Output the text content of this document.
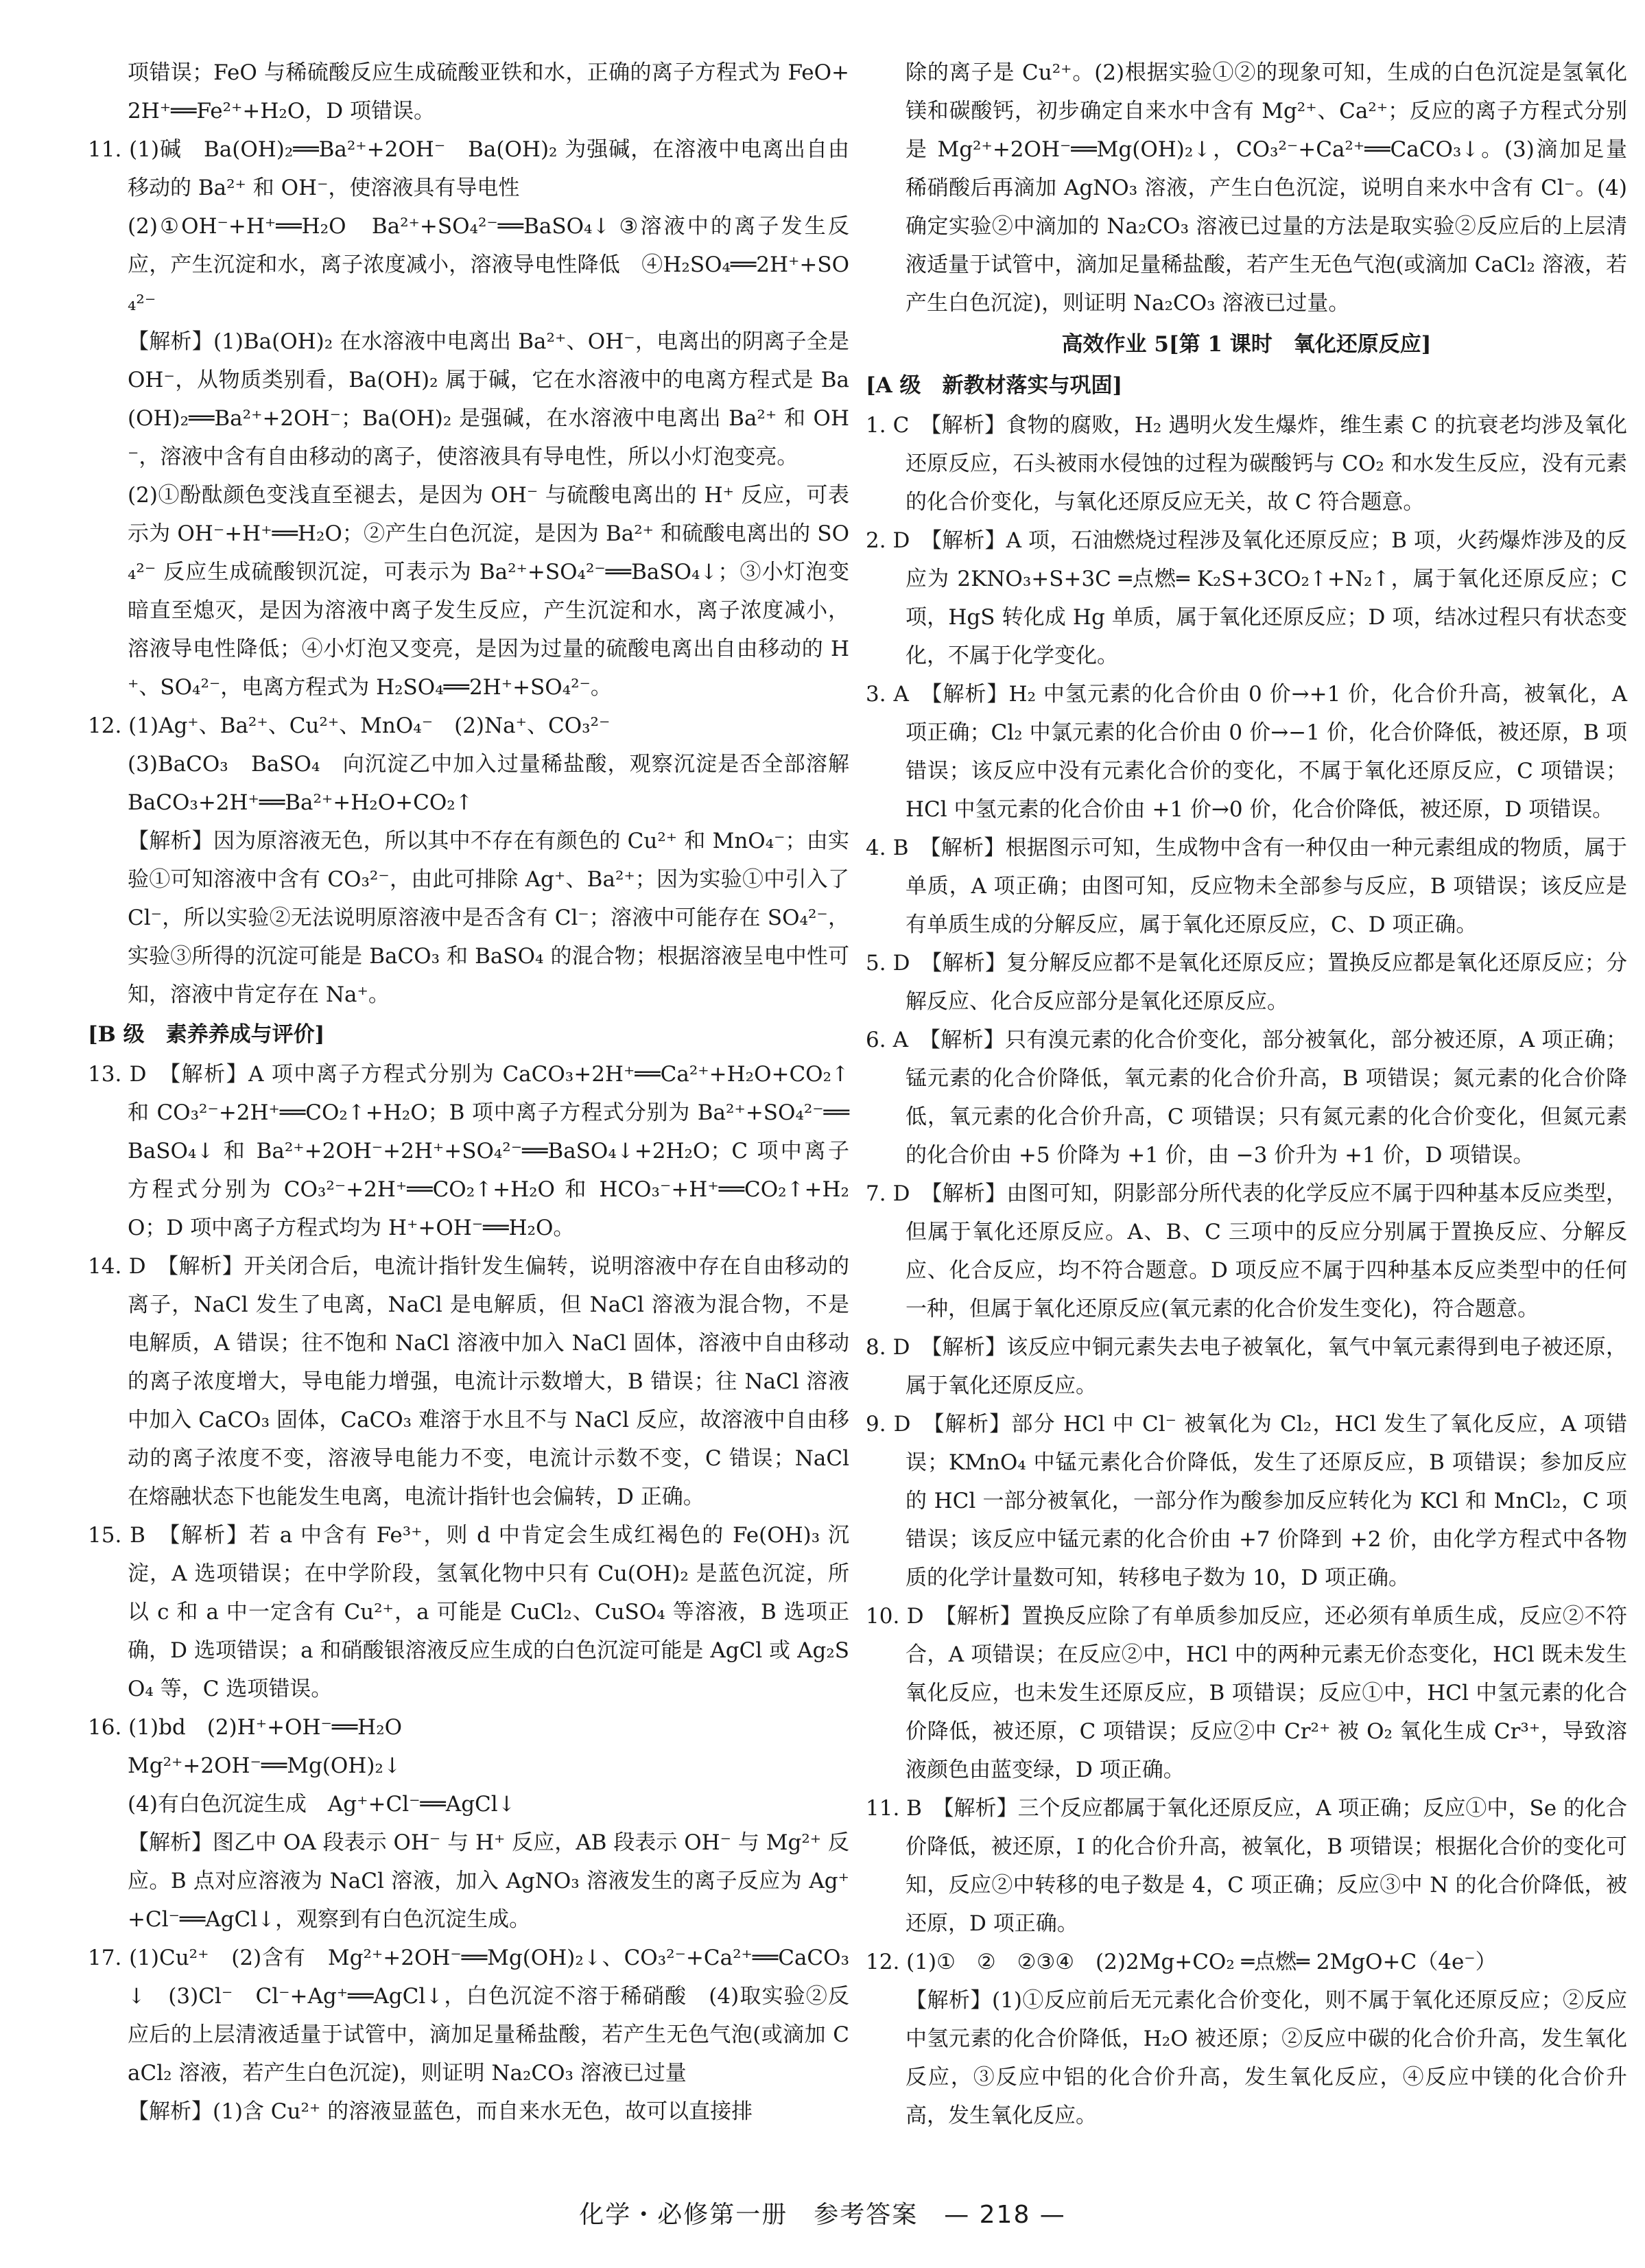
项错误；FeO 与稀硫酸反应生成硫酸亚铁和水，正确的离子方程式为 FeO+2H⁺══Fe²⁺+H₂O，D 项错误。

11. (1)碱　Ba(OH)₂══Ba²⁺+2OH⁻　Ba(OH)₂ 为强碱，在溶液中电离出自由移动的 Ba²⁺ 和 OH⁻，使溶液具有导电性

(2)①OH⁻+H⁺══H₂O　Ba²⁺+SO₄²⁻══BaSO₄↓ ③溶液中的离子发生反应，产生沉淀和水，离子浓度减小，溶液导电性降低　④H₂SO₄══2H⁺+SO₄²⁻

【解析】(1)Ba(OH)₂ 在水溶液中电离出 Ba²⁺、OH⁻，电离出的阴离子全是 OH⁻，从物质类别看，Ba(OH)₂ 属于碱，它在水溶液中的电离方程式是 Ba(OH)₂══Ba²⁺+2OH⁻；Ba(OH)₂ 是强碱，在水溶液中电离出 Ba²⁺ 和 OH⁻，溶液中含有自由移动的离子，使溶液具有导电性，所以小灯泡变亮。

(2)①酚酞颜色变浅直至褪去，是因为 OH⁻ 与硫酸电离出的 H⁺ 反应，可表示为 OH⁻+H⁺══H₂O；②产生白色沉淀，是因为 Ba²⁺ 和硫酸电离出的 SO₄²⁻ 反应生成硫酸钡沉淀，可表示为 Ba²⁺+SO₄²⁻══BaSO₄↓；③小灯泡变暗直至熄灭，是因为溶液中离子发生反应，产生沉淀和水，离子浓度减小，溶液导电性降低；④小灯泡又变亮，是因为过量的硫酸电离出自由移动的 H⁺、SO₄²⁻，电离方程式为 H₂SO₄══2H⁺+SO₄²⁻。

12. (1)Ag⁺、Ba²⁺、Cu²⁺、MnO₄⁻　(2)Na⁺、CO₃²⁻

(3)BaCO₃　BaSO₄　向沉淀乙中加入过量稀盐酸，观察沉淀是否全部溶解　BaCO₃+2H⁺══Ba²⁺+H₂O+CO₂↑

【解析】因为原溶液无色，所以其中不存在有颜色的 Cu²⁺ 和 MnO₄⁻；由实验①可知溶液中含有 CO₃²⁻，由此可排除 Ag⁺、Ba²⁺；因为实验①中引入了 Cl⁻，所以实验②无法说明原溶液中是否含有 Cl⁻；溶液中可能存在 SO₄²⁻，实验③所得的沉淀可能是 BaCO₃ 和 BaSO₄ 的混合物；根据溶液呈电中性可知，溶液中肯定存在 Na⁺。

[B 级　素养养成与评价]

13. D　【解析】A 项中离子方程式分别为 CaCO₃+2H⁺══Ca²⁺+H₂O+CO₂↑ 和 CO₃²⁻+2H⁺══CO₂↑+H₂O；B 项中离子方程式分别为 Ba²⁺+SO₄²⁻══BaSO₄↓ 和 Ba²⁺+2OH⁻+2H⁺+SO₄²⁻══BaSO₄↓+2H₂O；C 项中离子方程式分别为 CO₃²⁻+2H⁺══CO₂↑+H₂O 和 HCO₃⁻+H⁺══CO₂↑+H₂O；D 项中离子方程式均为 H⁺+OH⁻══H₂O。

14. D　【解析】开关闭合后，电流计指针发生偏转，说明溶液中存在自由移动的离子，NaCl 发生了电离，NaCl 是电解质，但 NaCl 溶液为混合物，不是电解质，A 错误；往不饱和 NaCl 溶液中加入 NaCl 固体，溶液中自由移动的离子浓度增大，导电能力增强，电流计示数增大，B 错误；往 NaCl 溶液中加入 CaCO₃ 固体，CaCO₃ 难溶于水且不与 NaCl 反应，故溶液中自由移动的离子浓度不变，溶液导电能力不变，电流计示数不变，C 错误；NaCl 在熔融状态下也能发生电离，电流计指针也会偏转，D 正确。

15. B　【解析】若 a 中含有 Fe³⁺，则 d 中肯定会生成红褐色的 Fe(OH)₃ 沉淀，A 选项错误；在中学阶段，氢氧化物中只有 Cu(OH)₂ 是蓝色沉淀，所以 c 和 a 中一定含有 Cu²⁺，a 可能是 CuCl₂、CuSO₄ 等溶液，B 选项正确，D 选项错误；a 和硝酸银溶液反应生成的白色沉淀可能是 AgCl 或 Ag₂SO₄ 等，C 选项错误。

16. (1)bd　(2)H⁺+OH⁻══H₂O

Mg²⁺+2OH⁻══Mg(OH)₂↓

(4)有白色沉淀生成　Ag⁺+Cl⁻══AgCl↓

【解析】图乙中 OA 段表示 OH⁻ 与 H⁺ 反应，AB 段表示 OH⁻ 与 Mg²⁺ 反应。B 点对应溶液为 NaCl 溶液，加入 AgNO₃ 溶液发生的离子反应为 Ag⁺+Cl⁻══AgCl↓，观察到有白色沉淀生成。

17. (1)Cu²⁺　(2)含有　Mg²⁺+2OH⁻══Mg(OH)₂↓、CO₃²⁻+Ca²⁺══CaCO₃↓　(3)Cl⁻　Cl⁻+Ag⁺══AgCl↓，白色沉淀不溶于稀硝酸　(4)取实验②反应后的上层清液适量于试管中，滴加足量稀盐酸，若产生无色气泡(或滴加 CaCl₂ 溶液，若产生白色沉淀)，则证明 Na₂CO₃ 溶液已过量

【解析】(1)含 Cu²⁺ 的溶液显蓝色，而自来水无色，故可以直接排

除的离子是 Cu²⁺。(2)根据实验①②的现象可知，生成的白色沉淀是氢氧化镁和碳酸钙，初步确定自来水中含有 Mg²⁺、Ca²⁺；反应的离子方程式分别是 Mg²⁺+2OH⁻══Mg(OH)₂↓，CO₃²⁻+Ca²⁺══CaCO₃↓。(3)滴加足量稀硝酸后再滴加 AgNO₃ 溶液，产生白色沉淀，说明自来水中含有 Cl⁻。(4)确定实验②中滴加的 Na₂CO₃ 溶液已过量的方法是取实验②反应后的上层清液适量于试管中，滴加足量稀盐酸，若产生无色气泡(或滴加 CaCl₂ 溶液，若产生白色沉淀)，则证明 Na₂CO₃ 溶液已过量。

高效作业 5[第 1 课时　氧化还原反应]

[A 级　新教材落实与巩固]

1. C　【解析】食物的腐败，H₂ 遇明火发生爆炸，维生素 C 的抗衰老均涉及氧化还原反应，石头被雨水侵蚀的过程为碳酸钙与 CO₂ 和水发生反应，没有元素的化合价变化，与氧化还原反应无关，故 C 符合题意。

2. D　【解析】A 项，石油燃烧过程涉及氧化还原反应；B 项，火药爆炸涉及的反应为 2KNO₃+S+3C ═点燃═ K₂S+3CO₂↑+N₂↑，属于氧化还原反应；C 项，HgS 转化成 Hg 单质，属于氧化还原反应；D 项，结冰过程只有状态变化，不属于化学变化。

3. A　【解析】H₂ 中氢元素的化合价由 0 价→+1 价，化合价升高，被氧化，A 项正确；Cl₂ 中氯元素的化合价由 0 价→−1 价，化合价降低，被还原，B 项错误；该反应中没有元素化合价的变化，不属于氧化还原反应，C 项错误；HCl 中氢元素的化合价由 +1 价→0 价，化合价降低，被还原，D 项错误。

4. B　【解析】根据图示可知，生成物中含有一种仅由一种元素组成的物质，属于单质，A 项正确；由图可知，反应物未全部参与反应，B 项错误；该反应是有单质生成的分解反应，属于氧化还原反应，C、D 项正确。

5. D　【解析】复分解反应都不是氧化还原反应；置换反应都是氧化还原反应；分解反应、化合反应部分是氧化还原反应。

6. A　【解析】只有溴元素的化合价变化，部分被氧化，部分被还原，A 项正确；锰元素的化合价降低，氧元素的化合价升高，B 项错误；氮元素的化合价降低，氧元素的化合价升高，C 项错误；只有氮元素的化合价变化，但氮元素的化合价由 +5 价降为 +1 价，由 −3 价升为 +1 价，D 项错误。

7. D　【解析】由图可知，阴影部分所代表的化学反应不属于四种基本反应类型，但属于氧化还原反应。A、B、C 三项中的反应分别属于置换反应、分解反应、化合反应，均不符合题意。D 项反应不属于四种基本反应类型中的任何一种，但属于氧化还原反应(氧元素的化合价发生变化)，符合题意。

8. D　【解析】该反应中铜元素失去电子被氧化，氧气中氧元素得到电子被还原，属于氧化还原反应。

9. D　【解析】部分 HCl 中 Cl⁻ 被氧化为 Cl₂，HCl 发生了氧化反应，A 项错误；KMnO₄ 中锰元素化合价降低，发生了还原反应，B 项错误；参加反应的 HCl 一部分被氧化，一部分作为酸参加反应转化为 KCl 和 MnCl₂，C 项错误；该反应中锰元素的化合价由 +7 价降到 +2 价，由化学方程式中各物质的化学计量数可知，转移电子数为 10，D 项正确。

10. D　【解析】置换反应除了有单质参加反应，还必须有单质生成，反应②不符合，A 项错误；在反应②中，HCl 中的两种元素无价态变化，HCl 既未发生氧化反应，也未发生还原反应，B 项错误；反应①中，HCl 中氢元素的化合价降低，被还原，C 项错误；反应②中 Cr²⁺ 被 O₂ 氧化生成 Cr³⁺，导致溶液颜色由蓝变绿，D 项正确。

11. B　【解析】三个反应都属于氧化还原反应，A 项正确；反应①中，Se 的化合价降低，被还原，I 的化合价升高，被氧化，B 项错误；根据化合价的变化可知，反应②中转移的电子数是 4，C 项正确；反应③中 N 的化合价降低，被还原，D 项正确。

12. (1)①　②　②③④　(2)2Mg+CO₂ ═点燃═ 2MgO+C（4e⁻）

【解析】(1)①反应前后无元素化合价变化，则不属于氧化还原反应；②反应中氢元素的化合价降低，H₂O 被还原；②反应中碳的化合价升高，发生氧化反应，③反应中铝的化合价升高，发生氧化反应，④反应中镁的化合价升高，发生氧化反应。

化学・必修第一册　参考答案　— 218 —
